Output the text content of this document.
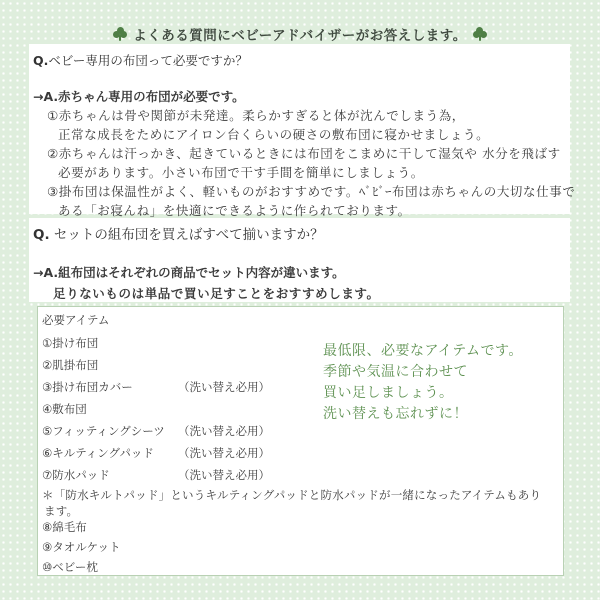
よくある質問にベビーアドバイザーがお答えします。
Q.ベビー専用の布団って必要ですか？
→A.赤ちゃん専用の布団が必要です。
①赤ちゃんは骨や関節が未発達。柔らかすぎると体が沈んでしまう為，
正常な成長をためにアイロン台くらいの硬さの敷布団に寝かせましょう。
②赤ちゃんは汗っかき、起きているときには布団をこまめに干して湿気や 水分を飛ばす
必要があります。小さい布団で干す手間を簡単にしましょう。
③掛布団は保温性がよく、軽いものがおすすめです。ﾍﾞﾋﾞｰ布団は赤ちゃんの大切な仕事で
ある「お寝んね」を快適にできるように作られております。
Q. セットの組布団を買えばすべて揃いますか？
→A.組布団はそれぞれの商品でセット内容が違います。
足りないものは単品で買い足すことをおすすめします。
必要アイテム
①掛け布団
②肌掛布団
③掛け布団カバー	（洗い替え必用）
④敷布団
⑤フィッティングシーツ （洗い替え必用）
⑥キルティングパッド （洗い替え必用）
⑦防水パッド	（洗い替え必用）
＊「防水キルトパッド」というキルティングパッドと防水パッドが一緒になったアイテムもあり
ます。
⑧綿毛布
⑨タオルケット
⑩ベビー枕
最低限、必要なアイテムです。
季節や気温に合わせて
買い足しましょう。
洗い替えも忘れずに！
